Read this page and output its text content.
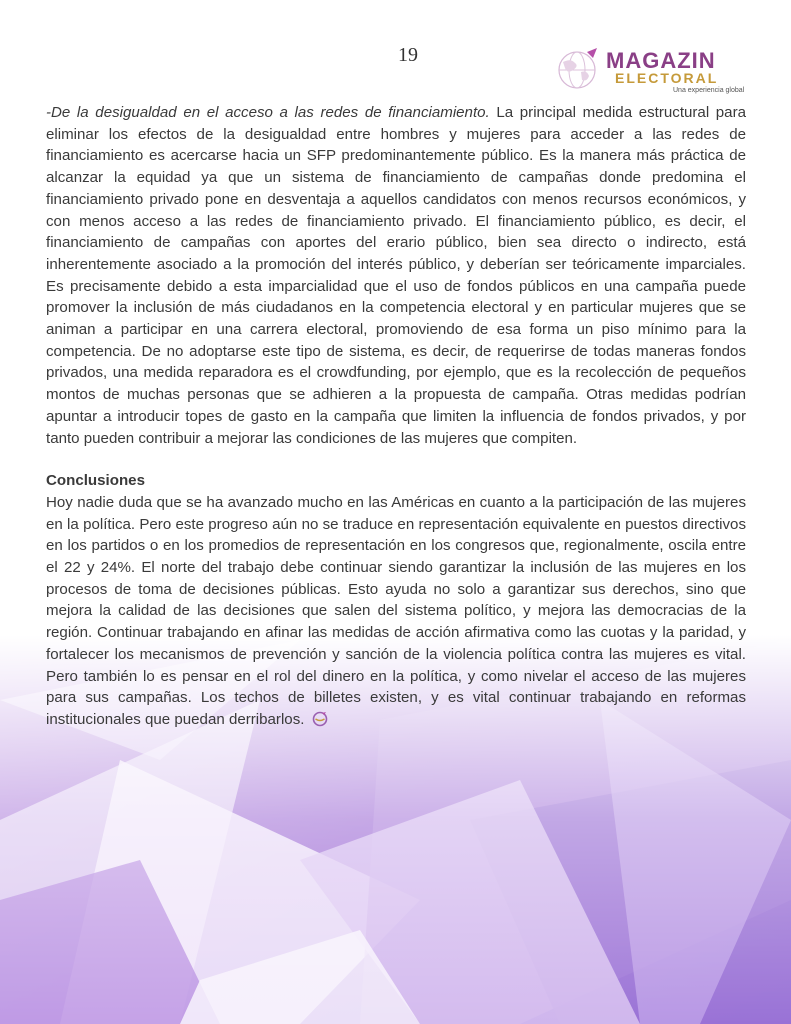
19	MAGAZIN
ELECTORAL
Una experiencia global

-De la desigualdad en el acceso a las redes de financiamiento. La principal medida estructural para eliminar los efectos de la desigualdad entre hombres y mujeres para acceder a las redes de financiamiento es acercarse hacia un SFP predominantemente público. Es la manera más práctica de alcanzar la equidad ya que un sistema de financiamiento de campañas donde predomina el financiamiento privado pone en desventaja a aquellos candidatos con menos recursos económicos, y con menos acceso a las redes de financiamiento privado. El financiamiento público, es decir, el financiamiento de campañas con aportes del erario público, bien sea directo o indirecto, está inherentemente asociado a la promoción del interés público, y deberían ser teóricamente imparciales. Es precisamente debido a esta imparcialidad que el uso de fondos públicos en una campaña puede promover la inclusión de más ciudadanos en la competencia electoral y en particular mujeres que se animan a participar en una carrera electoral, promoviendo de esa forma un piso mínimo para la competencia. De no adoptarse este tipo de sistema, es decir, de requerirse de todas maneras fondos privados, una medida reparadora es el crowdfunding, por ejemplo, que es la recolección de pequeños montos de muchas personas que se adhieren a la propuesta de campaña. Otras medidas podrían apuntar a introducir topes de gasto en la campaña que limiten la influencia de fondos privados, y por tanto pueden contribuir a mejorar las condiciones de las mujeres que compiten.

Conclusiones

Hoy nadie duda que se ha avanzado mucho en las Américas en cuanto a la participación de las mujeres en la política. Pero este progreso aún no se traduce en representación equivalente en puestos directivos en los partidos o en los promedios de representación en los congresos que, regionalmente, oscila entre el 22 y 24%. El norte del trabajo debe continuar siendo garantizar la inclusión de las mujeres en los procesos de toma de decisiones públicas. Esto ayuda no solo a garantizar sus derechos, sino que mejora la calidad de las decisiones que salen del sistema político, y mejora las democracias de la región. Continuar trabajando en afinar las medidas de acción afirmativa como las cuotas y la paridad, y fortalecer los mecanismos de prevención y sanción de la violencia política contra las mujeres es vital. Pero también lo es pensar en el rol del dinero en la política, y como nivelar el acceso de las mujeres para sus campañas. Los techos de billetes existen, y es vital continuar trabajando en reformas institucionales que puedan derribarlos.
